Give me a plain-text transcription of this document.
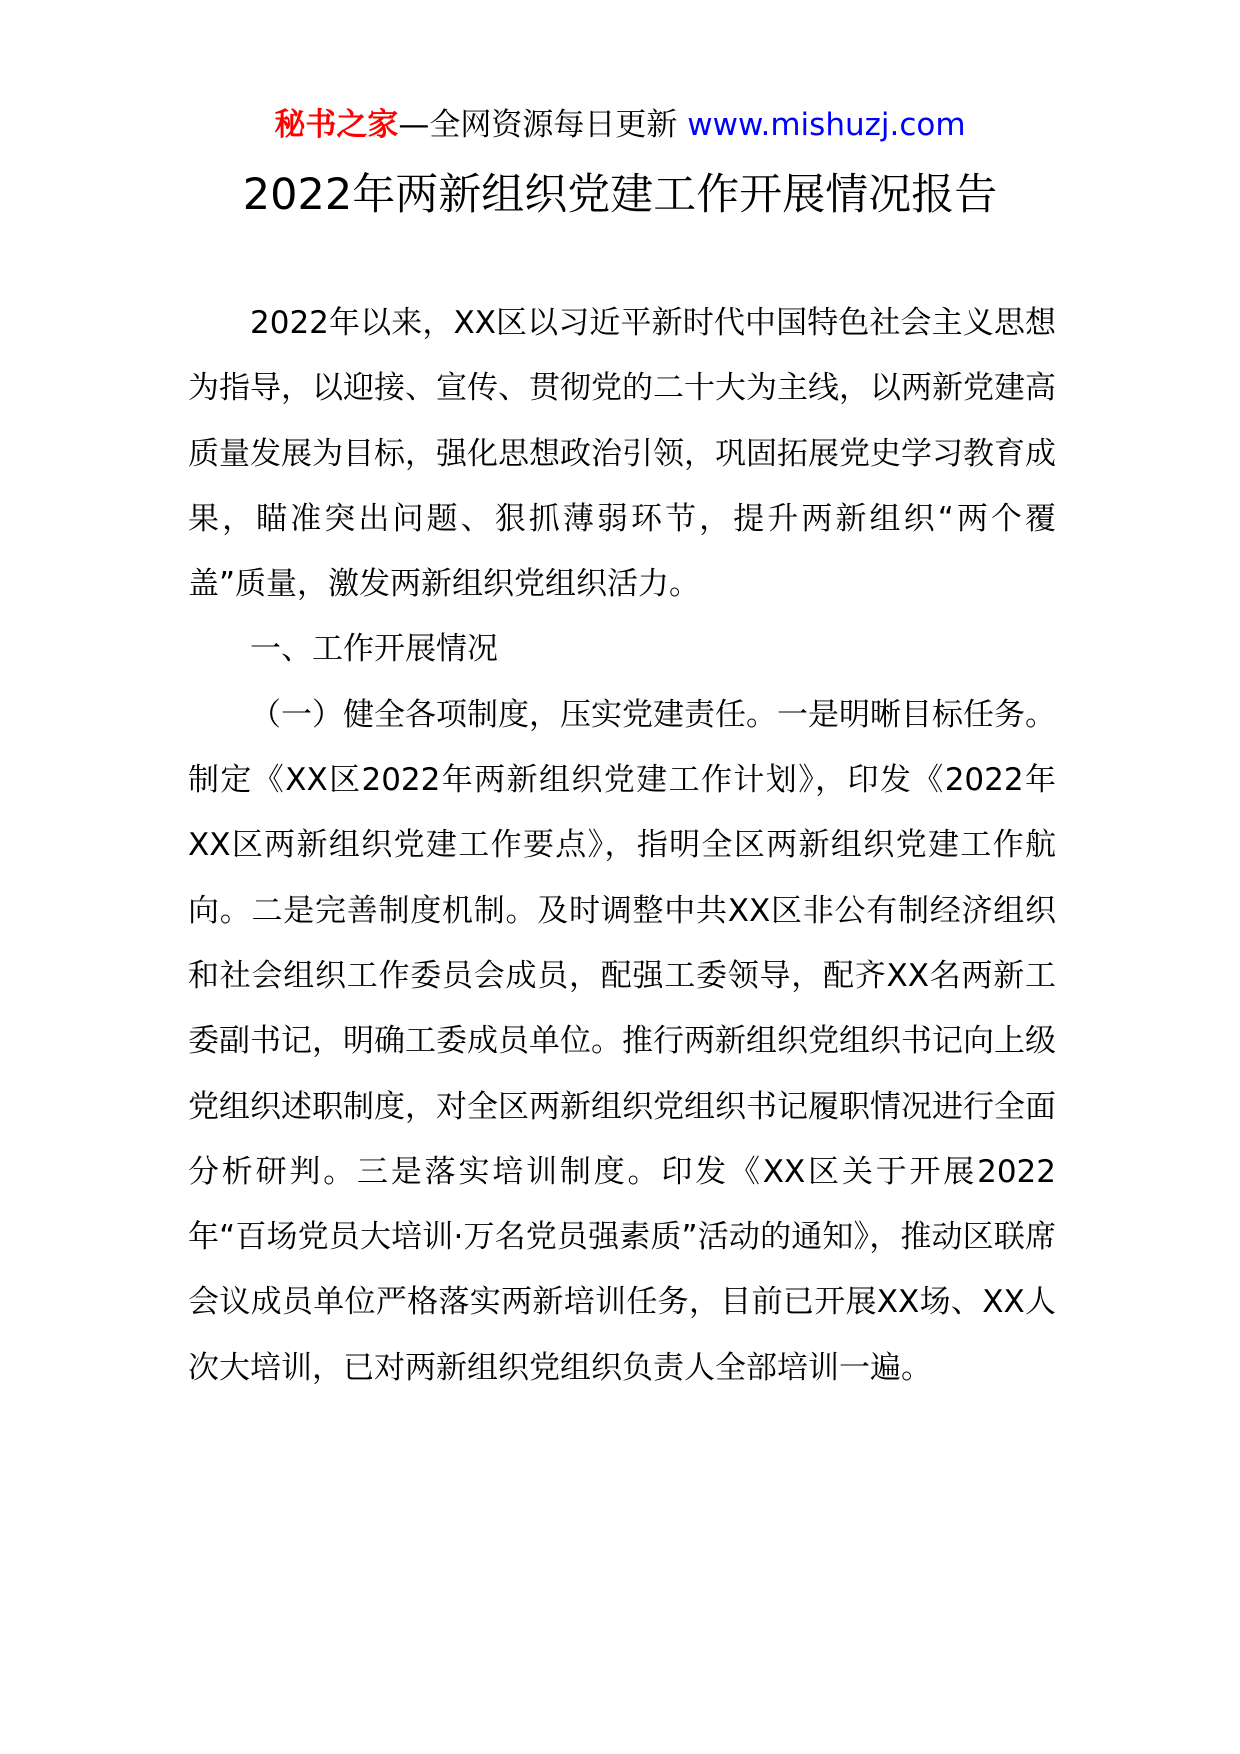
秘书之家—全网资源每日更新 www.mishuzj.com
2022年两新组织党建工作开展情况报告

2022年以来，XX区以习近平新时代中国特色社会主义思想为指导，以迎接、宣传、贯彻党的二十大为主线，以两新党建高质量发展为目标，强化思想政治引领，巩固拓展党史学习教育成果，瞄准突出问题、狠抓薄弱环节，提升两新组织“两个覆盖”质量，激发两新组织党组织活力。

一、工作开展情况

（一）健全各项制度，压实党建责任。一是明晰目标任务。制定《XX区2022年两新组织党建工作计划》，印发《2022年XX区两新组织党建工作要点》，指明全区两新组织党建工作航向。二是完善制度机制。及时调整中共XX区非公有制经济组织和社会组织工作委员会成员，配强工委领导，配齐XX名两新工委副书记，明确工委成员单位。推行两新组织党组织书记向上级党组织述职制度，对全区两新组织党组织书记履职情况进行全面分析研判。三是落实培训制度。印发《XX区关于开展2022年“百场党员大培训·万名党员强素质”活动的通知》，推动区联席会议成员单位严格落实两新培训任务，目前已开展XX场、XX人次大培训，已对两新组织党组织负责人全部培训一遍。
